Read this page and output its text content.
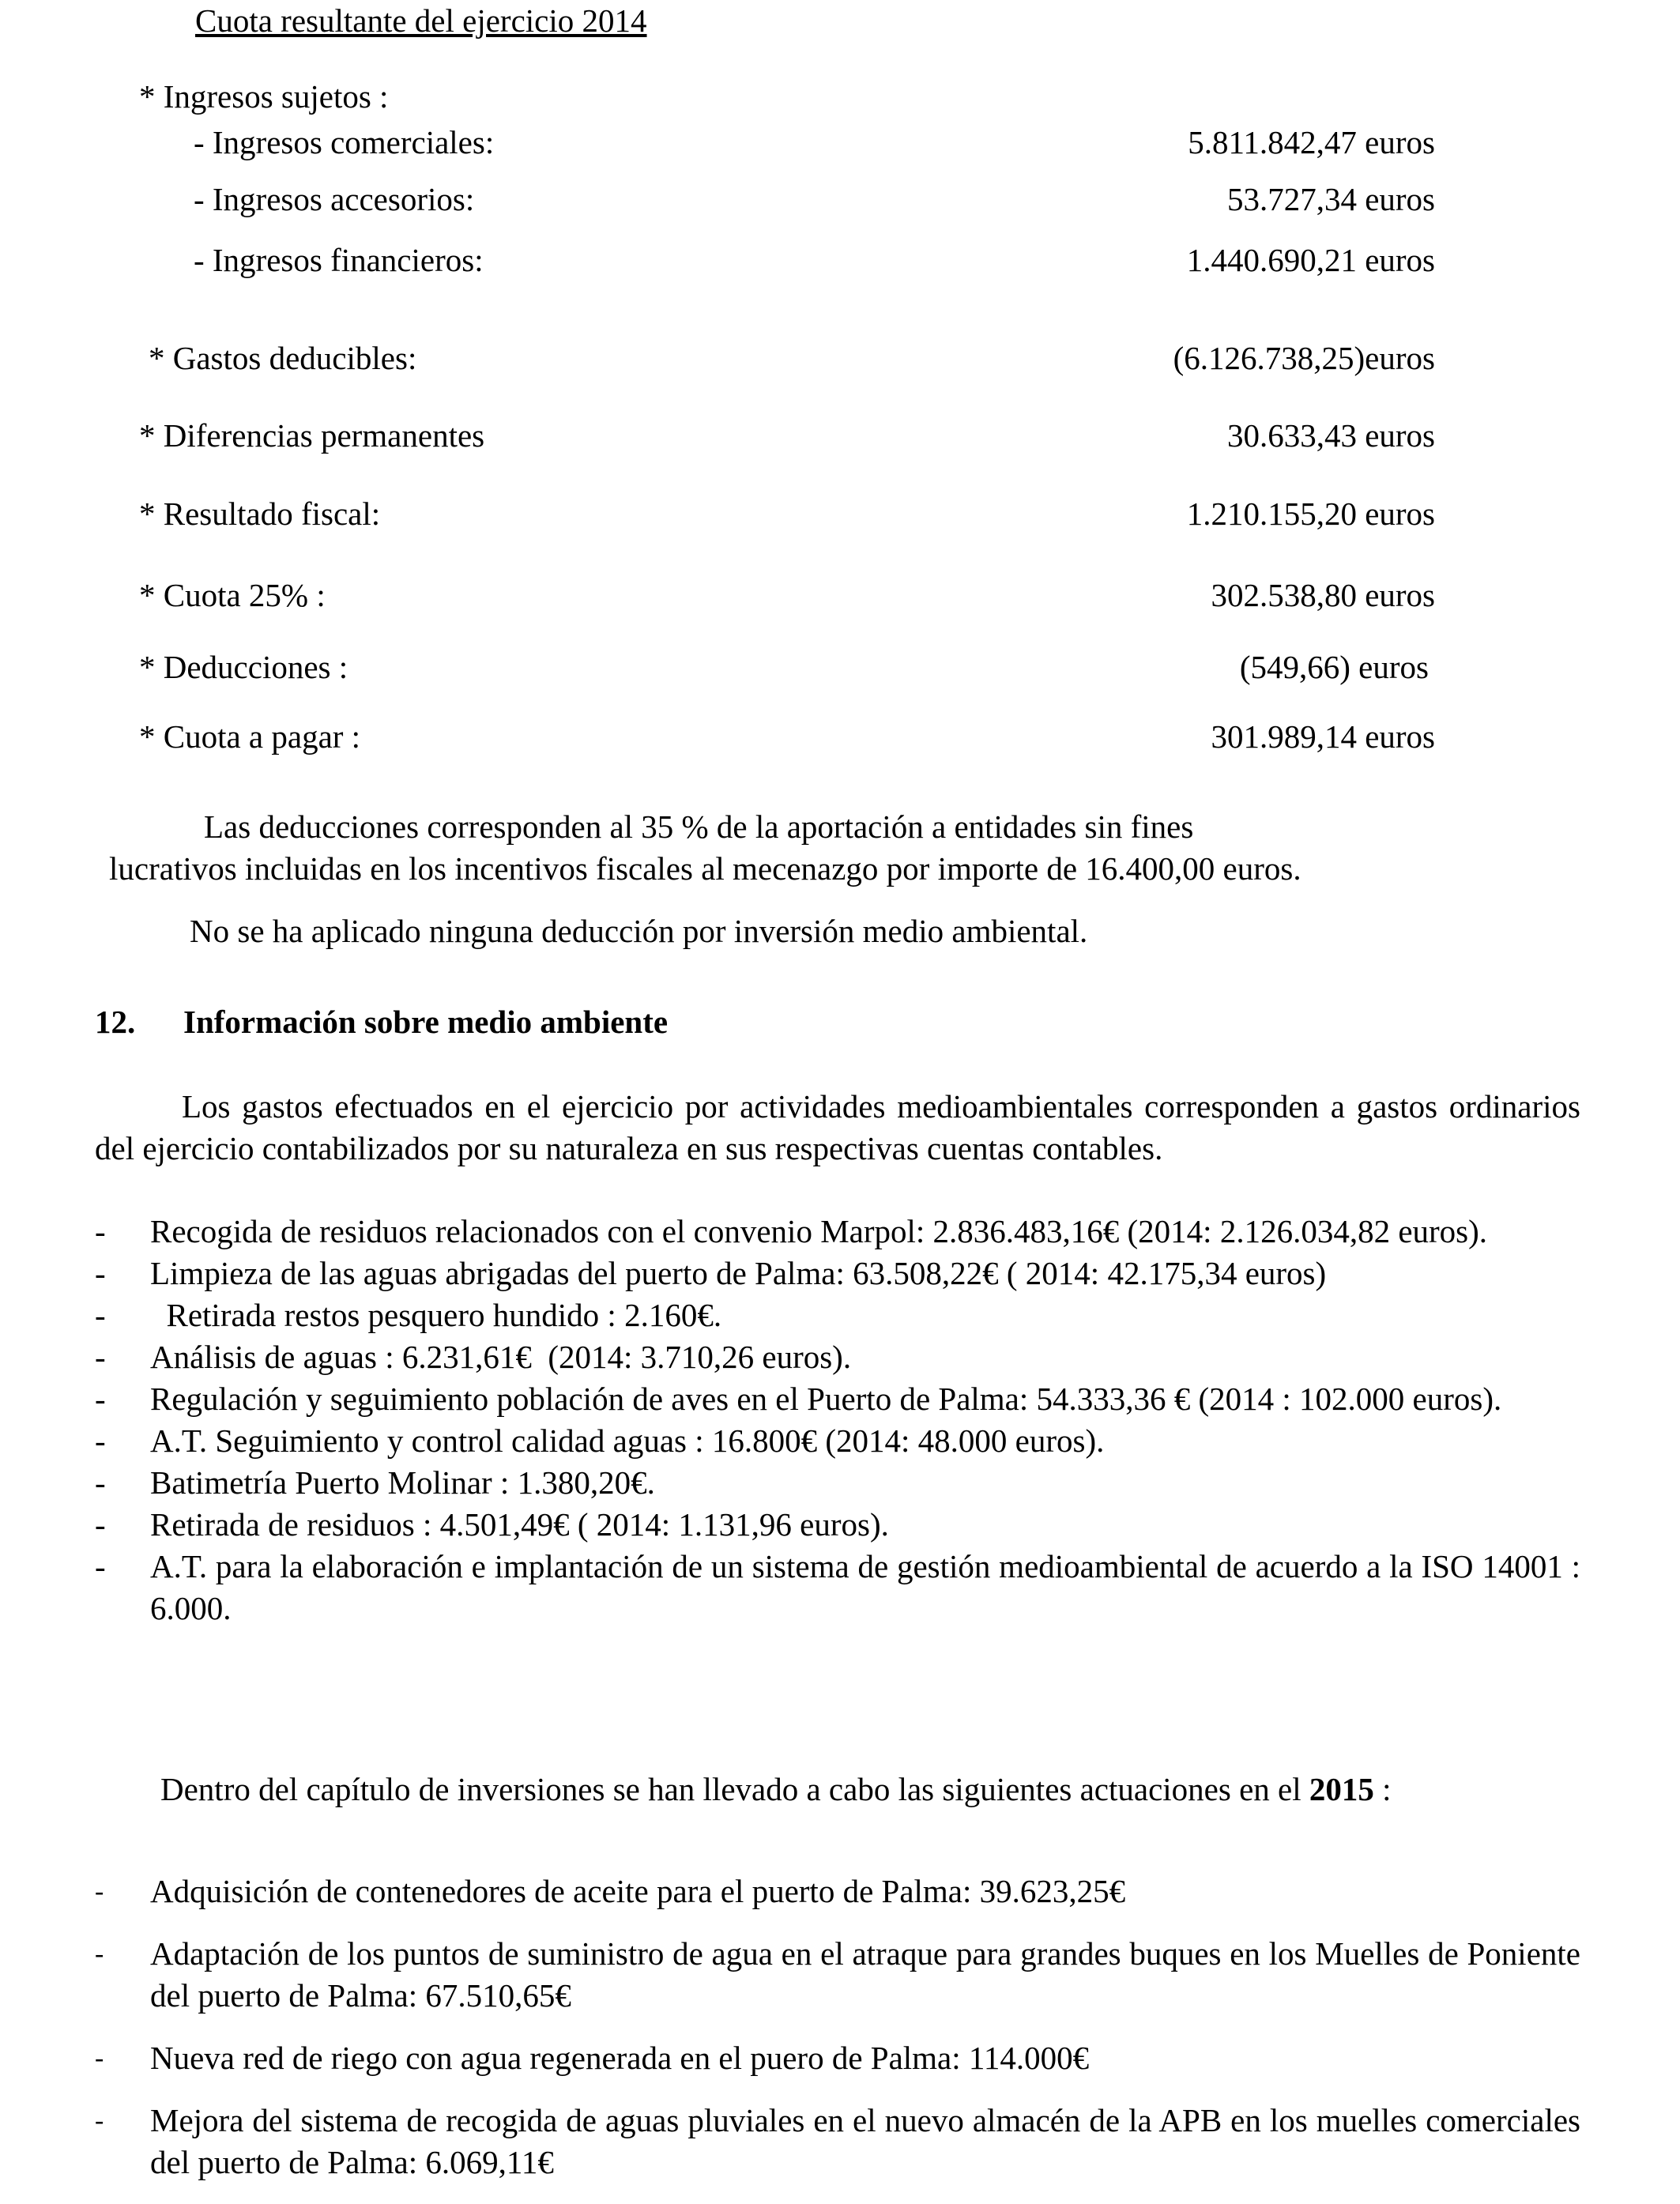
Cuota resultante del ejercicio 2014
* Ingresos sujetos :
- Ingresos comerciales:	5.811.842,47 euros
- Ingresos accesorios:	53.727,34 euros
- Ingresos financieros:	1.440.690,21 euros
* Gastos deducibles:	(6.126.738,25)euros
* Diferencias permanentes	30.633,43 euros
* Resultado fiscal:	1.210.155,20 euros
* Cuota 25% :	302.538,80 euros
* Deducciones :	(549,66) euros
* Cuota a pagar :	301.989,14 euros
Las deducciones corresponden al 35 % de la aportación a entidades sin fines
lucrativos incluidas en los incentivos fiscales al mecenazgo por importe de 16.400,00 euros.
No se ha aplicado ninguna deducción por inversión medio ambiental.
12. Información sobre medio ambiente
Los gastos efectuados en el ejercicio por actividades medioambientales corresponden a gastos ordinarios del ejercicio contabilizados por su naturaleza en sus respectivas cuentas contables.
- Recogida de residuos relacionados con el convenio Marpol: 2.836.483,16€ (2014: 2.126.034,82 euros).
- Limpieza de las aguas abrigadas del puerto de Palma: 63.508,22€ ( 2014: 42.175,34 euros)
- Retirada restos pesquero hundido : 2.160€.
- Análisis de aguas : 6.231,61€  (2014: 3.710,26 euros).
- Regulación y seguimiento población de aves en el Puerto de Palma: 54.333,36 € (2014 : 102.000 euros).
- A.T. Seguimiento y control calidad aguas : 16.800€ (2014: 48.000 euros).
- Batimetría Puerto Molinar : 1.380,20€.
- Retirada de residuos : 4.501,49€ ( 2014: 1.131,96 euros).
- A.T. para la elaboración e implantación de un sistema de gestión medioambiental de acuerdo a la ISO 14001 : 6.000.
Dentro del capítulo de inversiones se han llevado a cabo las siguientes actuaciones en el 2015 :
- Adquisición de contenedores de aceite para el puerto de Palma: 39.623,25€
- Adaptación de los puntos de suministro de agua en el atraque para grandes buques en los Muelles de Poniente del puerto de Palma: 67.510,65€
- Nueva red de riego con agua regenerada en el puero de Palma: 114.000€
- Mejora del sistema de recogida de aguas pluviales en el nuevo almacén de la APB en los muelles comerciales del puerto de Palma: 6.069,11€
